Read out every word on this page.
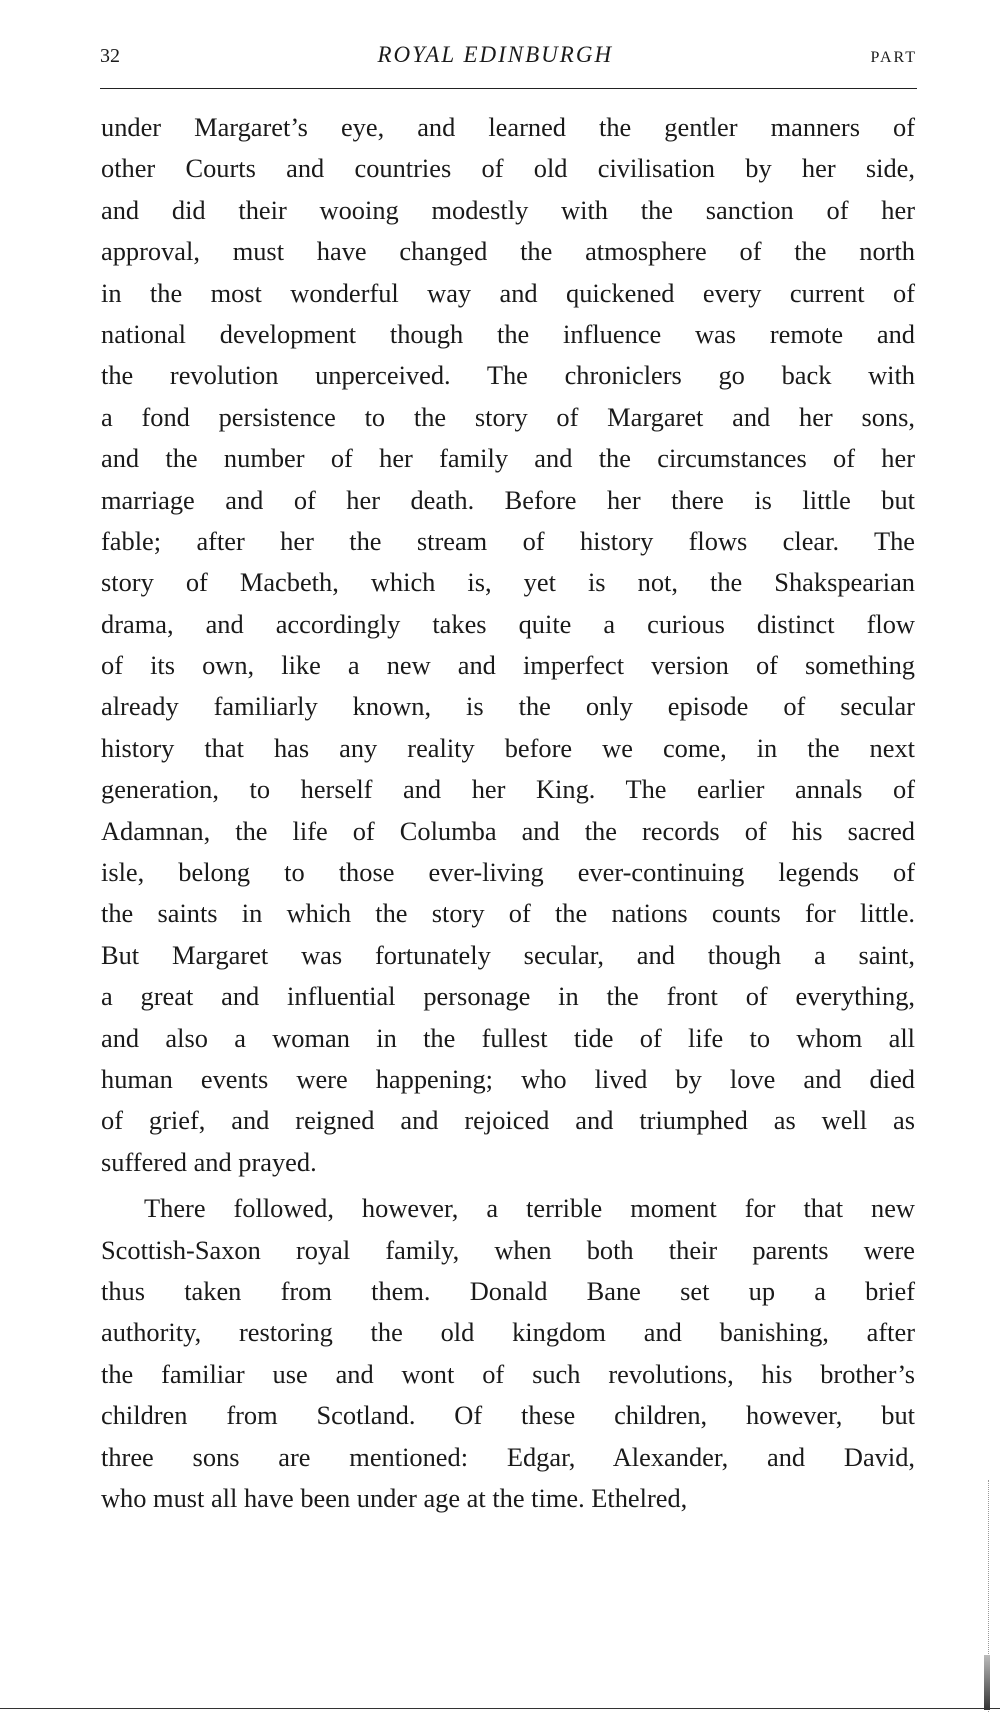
32	ROYAL EDINBURGH	PART
under Margaret’s eye, and learned the gentler manners of
other Courts and countries of old civilisation by her side,
and did their wooing modestly with the sanction of her
approval, must have changed the atmosphere of the north
in the most wonderful way and quickened every current of
national development though the influence was remote and
the revolution unperceived. The chroniclers go back with
a fond persistence to the story of Margaret and her sons,
and the number of her family and the circumstances of her
marriage and of her death. Before her there is little but
fable; after her the stream of history flows clear. The
story of Macbeth, which is, yet is not, the Shakspearian
drama, and accordingly takes quite a curious distinct flow
of its own, like a new and imperfect version of something
already familiarly known, is the only episode of secular
history that has any reality before we come, in the next
generation, to herself and her King. The earlier annals of
Adamnan, the life of Columba and the records of his sacred
isle, belong to those ever-living ever-continuing legends of
the saints in which the story of the nations counts for little.
But Margaret was fortunately secular, and though a saint,
a great and influential personage in the front of everything,
and also a woman in the fullest tide of life to whom all
human events were happening; who lived by love and died
of grief, and reigned and rejoiced and triumphed as well as
suffered and prayed.
There followed, however, a terrible moment for that new
Scottish-Saxon royal family, when both their parents were
thus taken from them. Donald Bane set up a brief
authority, restoring the old kingdom and banishing, after
the familiar use and wont of such revolutions, his brother’s
children from Scotland. Of these children, however, but
three sons are mentioned: Edgar, Alexander, and David,
who must all have been under age at the time. Ethelred,
